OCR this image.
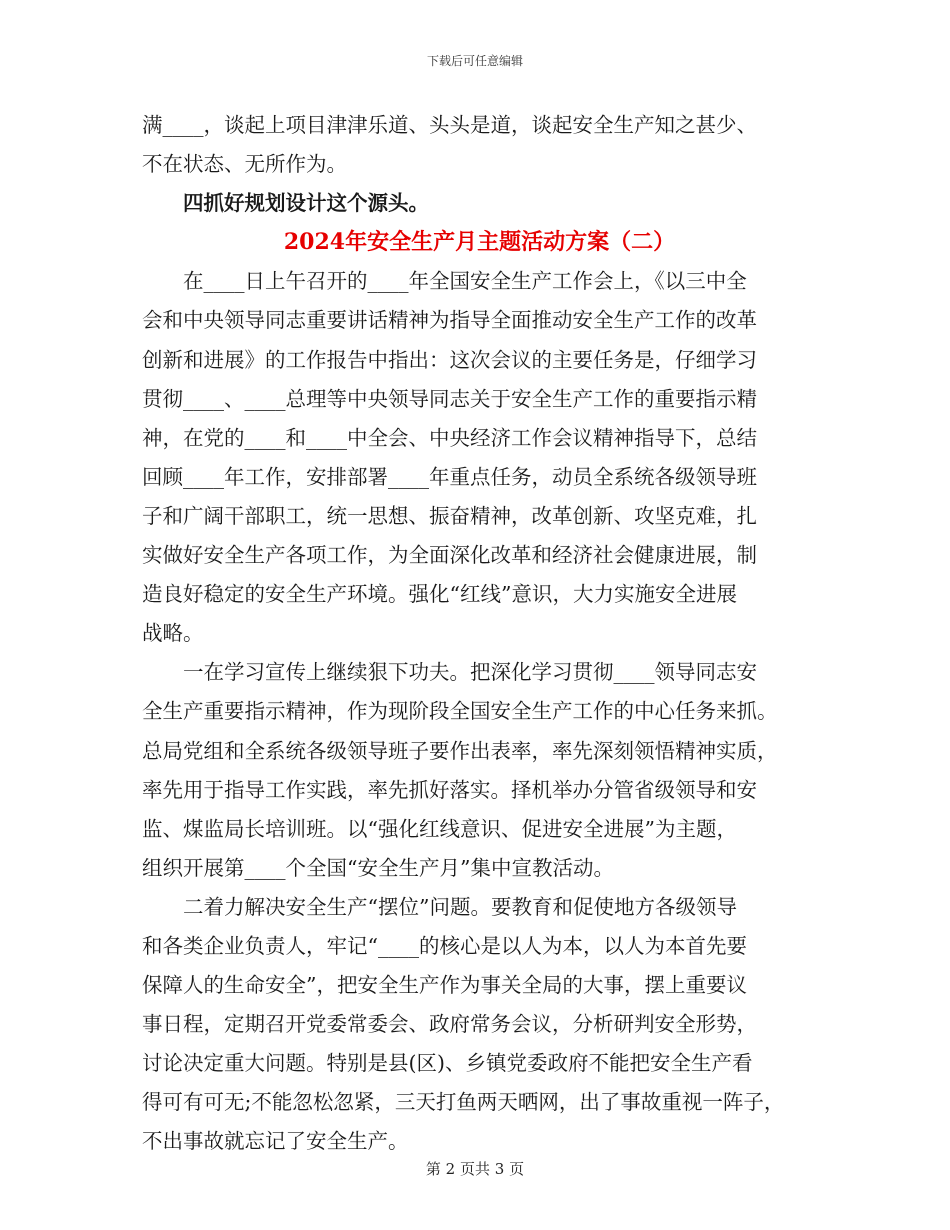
下载后可任意编辑
满____，谈起上项目津津乐道、头头是道，谈起安全生产知之甚少、
不在状态、无所作为。
四抓好规划设计这个源头。
2024年安全生产月主题活动方案（二）
在____日上午召开的____年全国安全生产工作会上，《以三中全
会和中央领导同志重要讲话精神为指导全面推动安全生产工作的改革
创新和进展》的工作报告中指出：这次会议的主要任务是，仔细学习
贯彻____、____总理等中央领导同志关于安全生产工作的重要指示精
神，在党的____和____中全会、中央经济工作会议精神指导下，总结
回顾____年工作，安排部署____年重点任务，动员全系统各级领导班
子和广阔干部职工，统一思想、振奋精神，改革创新、攻坚克难，扎
实做好安全生产各项工作，为全面深化改革和经济社会健康进展，制
造良好稳定的安全生产环境。强化“红线”意识，大力实施安全进展
战略。
一在学习宣传上继续狠下功夫。把深化学习贯彻____领导同志安
全生产重要指示精神，作为现阶段全国安全生产工作的中心任务来抓。
总局党组和全系统各级领导班子要作出表率，率先深刻领悟精神实质，
率先用于指导工作实践，率先抓好落实。择机举办分管省级领导和安
监、煤监局长培训班。以“强化红线意识、促进安全进展”为主题，
组织开展第____个全国“安全生产月”集中宣教活动。
二着力解决安全生产“摆位”问题。要教育和促使地方各级领导
和各类企业负责人，牢记“____的核心是以人为本，以人为本首先要
保障人的生命安全”，把安全生产作为事关全局的大事，摆上重要议
事日程，定期召开党委常委会、政府常务会议，分析研判安全形势，
讨论决定重大问题。特别是县(区)、乡镇党委政府不能把安全生产看
得可有可无;不能忽松忽紧，三天打鱼两天晒网，出了事故重视一阵子，
不出事故就忘记了安全生产。
第 2 页共 3 页
